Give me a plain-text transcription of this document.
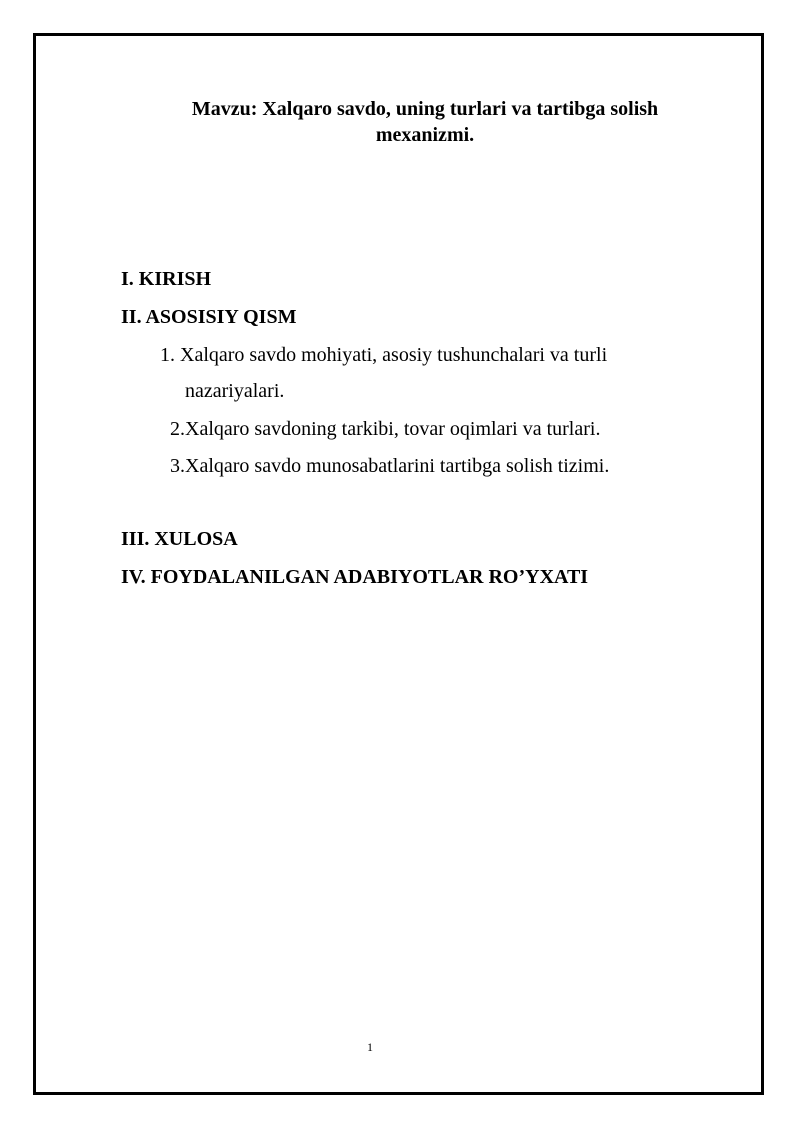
Mavzu: Xalqaro savdo, uning turlari va tartibga solish
mexanizmi.
I. KIRISH
II. ASOSISIY QISM
1. Xalqaro savdo mohiyati, asosiy tushunchalari va turli
nazariyalari.
2.Xalqaro savdoning tarkibi, tovar oqimlari va turlari.
3.Xalqaro savdo munosabatlarini tartibga solish tizimi.
III. XULOSA
IV. FOYDALANILGAN ADABIYOTLAR RO’YXATI
1
